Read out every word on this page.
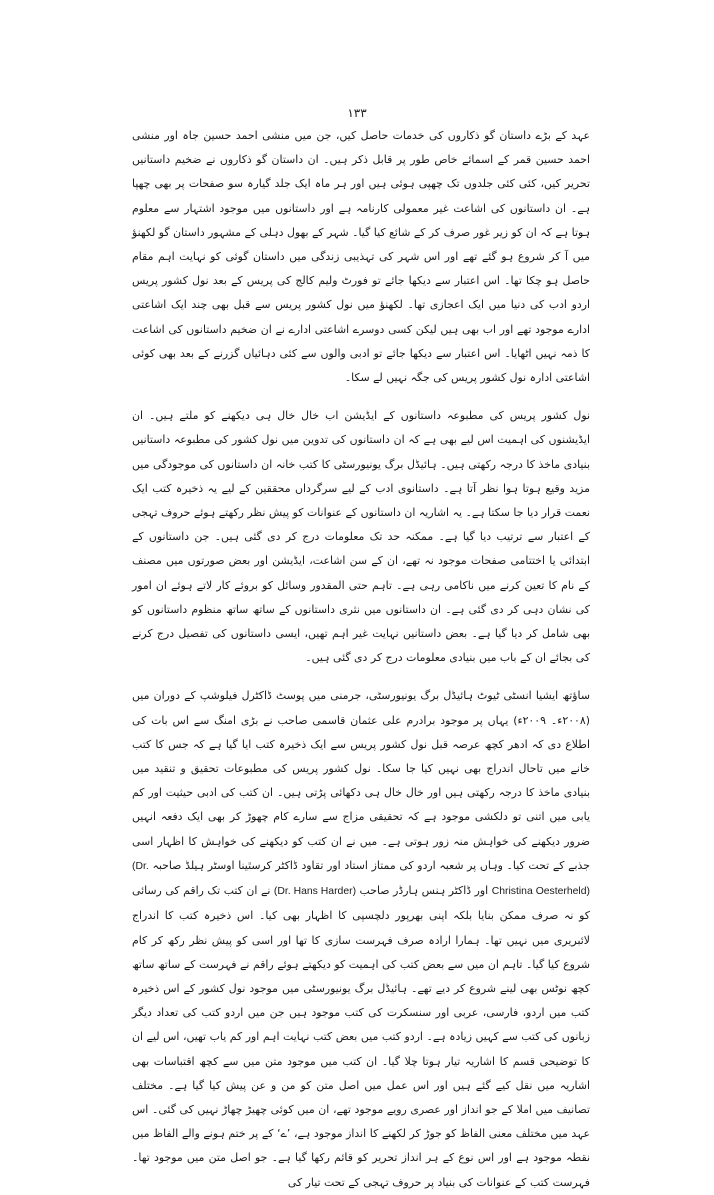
۱۳۳

عہد کے بڑے داستان گو ذکاروں کی خدمات حاصل کیں، جن میں منشی احمد حسین جاہ اور منشی احمد حسین قمر کے اسمائے خاص طور پر قابل ذکر ہیں۔ ان داستان گو ذکاروں نے ضخیم داستانیں تحریر کیں، کئی کئی جلدوں تک چھپی ہوئی ہیں اور ہر ماہ ایک جلد گیارہ سو صفحات پر بھی چھپا ہے۔ ان داستانوں کی اشاعت غیر معمولی کارنامہ ہے اور داستانوں میں موجود اشتہار سے معلوم ہوتا ہے کہ ان کو زیر غور صرف کر کے شائع کیا گیا۔ شہر کے بھول دہلی کے مشہور داستان گو لکھنؤ میں آ کر شروع ہو گئے تھے اور اس شہر کی تہذیبی زندگی میں داستان گوئی کو نہایت اہم مقام حاصل ہو چکا تھا۔ اس اعتبار سے دیکھا جائے تو فورٹ ولیم کالج کی پریس کے بعد نول کشور پریس اردو ادب کی دنیا میں ایک اعجازی تھا۔ لکھنؤ میں نول کشور پریس سے قبل بھی چند ایک اشاعتی ادارے موجود تھے اور اب بھی ہیں لیکن کسی دوسرے اشاعتی ادارے نے ان ضخیم داستانوں کی اشاعت کا ذمہ نہیں اٹھایا۔ اس اعتبار سے دیکھا جائے تو ادبی والوں سے کئی دہائیاں گزرنے کے بعد بھی کوئی اشاعتی ادارہ نول کشور پریس کی جگہ نہیں لے سکا۔

نول کشور پریس کی مطبوعہ داستانوں کے ایڈیشن اب خال خال ہی دیکھنے کو ملتے ہیں۔ ان ایڈیشنوں کی اہمیت اس لیے بھی ہے کہ ان داستانوں کی تدوین میں نول کشور کی مطبوعہ داستانیں بنیادی ماخذ کا درجہ رکھتی ہیں۔ ہائیڈل برگ یونیورسٹی کا کتب خانہ ان داستانوں کی موجودگی میں مزید وقیع ہوتا ہوا نظر آتا ہے۔ داستانوی ادب کے لیے سرگرداں محققین کے لیے یہ ذخیرہ کتب ایک نعمت قرار دیا جا سکتا ہے۔ یہ اشاریہ ان داستانوں کے عنوانات کو پیش نظر رکھتے ہوئے حروف تہجی کے اعتبار سے ترتیب دیا گیا ہے۔ ممکنہ حد تک معلومات درج کر دی گئی ہیں۔ جن داستانوں کے ابتدائی یا اختتامی صفحات موجود نہ تھے، ان کے سن اشاعت، ایڈیشن اور بعض صورتوں میں مصنف کے نام کا تعین کرنے میں ناکامی رہی ہے۔ تاہم حتی المقدور وسائل کو بروئے کار لاتے ہوئے ان امور کی نشان دہی کر دی گئی ہے۔ ان داستانوں میں نثری داستانوں کے ساتھ ساتھ منظوم داستانوں کو بھی شامل کر دیا گیا ہے۔ بعض داستانیں نہایت غیر اہم تھیں، ایسی داستانوں کی تفصیل درج کرنے کی بجائے ان کے باب میں بنیادی معلومات درج کر دی گئی ہیں۔

ساؤتھ ایشیا انسٹی ٹیوٹ ہائیڈل برگ یونیورسٹی، جرمنی میں پوسٹ ڈاکٹرل فیلوشپ کے دوران میں (۲۰۰۸ء۔ ۲۰۰۹ء) یہاں پر موجود برادرم علی عثمان قاسمی صاحب نے بڑی امنگ سے اس بات کی اطلاع دی کہ ادھر کچھ عرصہ قبل نول کشور پریس سے ایک ذخیرہ کتب ایا گیا ہے کہ جس کا کتب خانے میں تاحال اندراج بھی نہیں کیا جا سکا۔ نول کشور پریس کی مطبوعات تحقیق و تنقید میں بنیادی ماخذ کا درجہ رکھتی ہیں اور خال خال ہی دکھائی پڑتی ہیں۔ ان کتب کی ادبی حیثیت اور کم یابی میں اتنی تو دلکشی موجود ہے کہ تحقیقی مزاج سے سارے کام چھوڑ کر بھی ایک دفعہ انہیں ضرور دیکھنے کی خواہش منہ زور ہوتی ہے۔ میں نے ان کتب کو دیکھنے کی خواہش کا اظہار اسی جذبے کے تحت کیا۔ وہاں پر شعبہ اردو کی ممتاز استاد اور تقاود ڈاکٹر کرسٿینا اوسٹر ہیلڈ صاحبہ (Dr. Christina Oesterheld) اور ڈاکٹر ہنس ہارڈر صاحب (Dr. Hans Harder) نے ان کتب تک راقم کی رسائی کو نہ صرف ممکن بنایا بلکہ اپنی بھرپور دلچسپی کا اظہار بھی کیا۔ اس ذخیرہ کتب کا اندراج لائبریری میں نہیں تھا۔ ہمارا ارادہ صرف فہرست سازی کا تھا اور اسی کو پیش نظر رکھ کر کام شروع کیا گیا۔ تاہم ان میں سے بعض کتب کی اہمیت کو دیکھتے ہوئے راقم نے فہرست کے ساتھ ساتھ کچھ نوٹس بھی لینے شروع کر دیے تھے۔ ہائیڈل برگ یونیورسٹی میں موجود نول کشور کے اس ذخیرہ کتب میں اردو، فارسی، عربی اور سنسکرت کی کتب موجود ہیں جن میں اردو کتب کی تعداد دیگر زبانوں کی کتب سے کہیں زیادہ ہے۔ اردو کتب میں بعض کتب نہایت اہم اور کم یاب تھیں، اس لیے ان کا توضیحی قسم کا اشاریہ تیار ہوتا چلا گیا۔ ان کتب میں موجود متن میں سے کچھ اقتباسات بھی اشاریہ میں نقل کیے گئے ہیں اور اس عمل میں اصل متن کو من و عن پیش کیا گیا ہے۔ مختلف تصانیف میں املا کے جو انداز اور عصری رویے موجود تھے، ان میں کوئی چھیڑ چھاڑ نہیں کی گئی۔ اس عہد میں مختلف معنی الفاظ کو جوڑ کر لکھنے کا انداز موجود ہے، ’ے‘ کے پر ختم ہونے والے الفاظ میں نقطہ موجود ہے اور اس نوع کے ہر انداز تحریر کو قائم رکھا گیا ہے۔ جو اصل متن میں موجود تھا۔ فہرست کتب کے عنوانات کی بنیاد پر حروف تہجی کے تحت تیار کی
